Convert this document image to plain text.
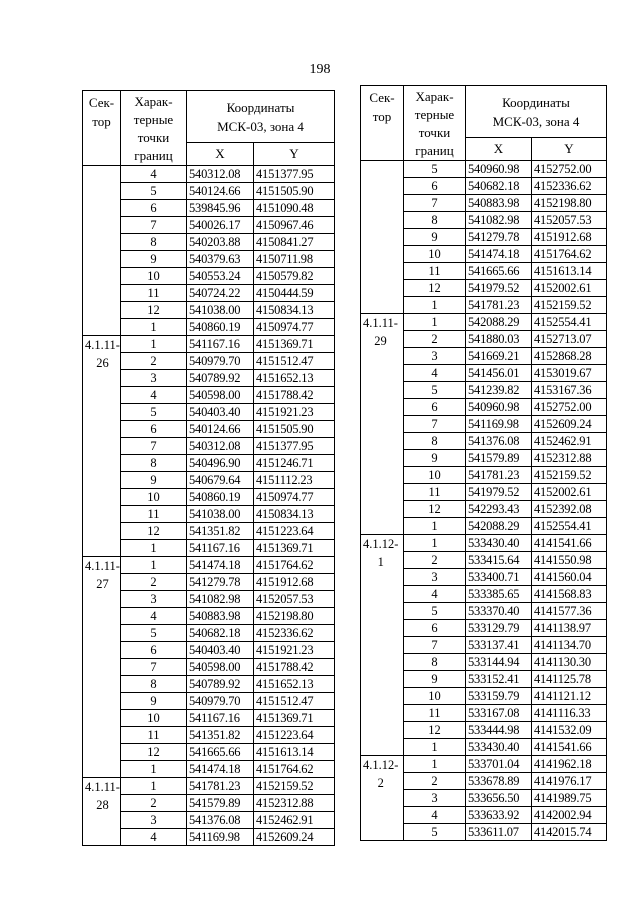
198
Сек-
тор	Харак-
терные
точки
границ	Координаты
МСК-03, зона 4	
		X	Y
	4	540312.08	4151377.95
	5	540124.66	4151505.90
	6	539845.96	4151090.48
	7	540026.17	4150967.46
	8	540203.88	4150841.27
	9	540379.63	4150711.98
	10	540553.24	4150579.82
	11	540724.22	4150444.59
	12	541038.00	4150834.13
	1	540860.19	4150974.77
4.1.11-
26	1	541167.16	4151369.71
	2	540979.70	4151512.47
	3	540789.92	4151652.13
	4	540598.00	4151788.42
	5	540403.40	4151921.23
	6	540124.66	4151505.90
	7	540312.08	4151377.95
	8	540496.90	4151246.71
	9	540679.64	4151112.23
	10	540860.19	4150974.77
	11	541038.00	4150834.13
	12	541351.82	4151223.64
	1	541167.16	4151369.71
4.1.11-
27	1	541474.18	4151764.62
	2	541279.78	4151912.68
	3	541082.98	4152057.53
	4	540883.98	4152198.80
	5	540682.18	4152336.62
	6	540403.40	4151921.23
	7	540598.00	4151788.42
	8	540789.92	4151652.13
	9	540979.70	4151512.47
	10	541167.16	4151369.71
	11	541351.82	4151223.64
	12	541665.66	4151613.14
	1	541474.18	4151764.62
4.1.11-
28	1	541781.23	4152159.52
	2	541579.89	4152312.88
	3	541376.08	4152462.91
	4	541169.98	4152609.24
Сек-
тор	Харак-
терные
точки
границ	Координаты
МСК-03, зона 4	
		X	Y
	5	540960.98	4152752.00
	6	540682.18	4152336.62
	7	540883.98	4152198.80
	8	541082.98	4152057.53
	9	541279.78	4151912.68
	10	541474.18	4151764.62
	11	541665.66	4151613.14
	12	541979.52	4152002.61
	1	541781.23	4152159.52
4.1.11-
29	1	542088.29	4152554.41
	2	541880.03	4152713.07
	3	541669.21	4152868.28
	4	541456.01	4153019.67
	5	541239.82	4153167.36
	6	540960.98	4152752.00
	7	541169.98	4152609.24
	8	541376.08	4152462.91
	9	541579.89	4152312.88
	10	541781.23	4152159.52
	11	541979.52	4152002.61
	12	542293.43	4152392.08
	1	542088.29	4152554.41
4.1.12-
1	1	533430.40	4141541.66
	2	533415.64	4141550.98
	3	533400.71	4141560.04
	4	533385.65	4141568.83
	5	533370.40	4141577.36
	6	533129.79	4141138.97
	7	533137.41	4141134.70
	8	533144.94	4141130.30
	9	533152.41	4141125.78
	10	533159.79	4141121.12
	11	533167.08	4141116.33
	12	533444.98	4141532.09
	1	533430.40	4141541.66
4.1.12-
2	1	533701.04	4141962.18
	2	533678.89	4141976.17
	3	533656.50	4141989.75
	4	533633.92	4142002.94
	5	533611.07	4142015.74
